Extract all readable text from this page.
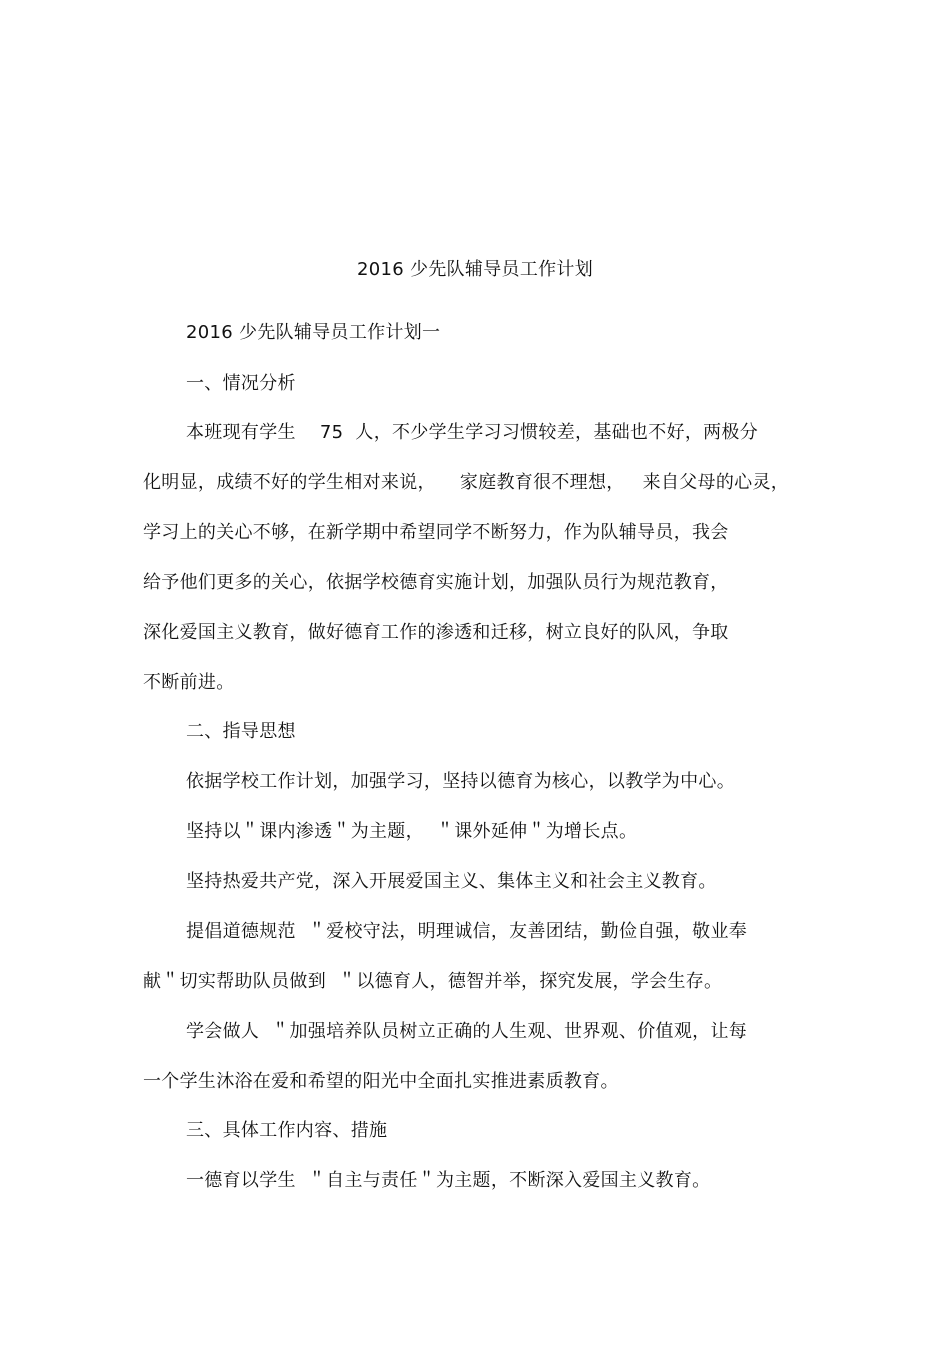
2016 少先队辅导员工作计划
2016 少先队辅导员工作计划一
一、情况分析
本班现有学生    75  人，不少学生学习习惯较差，基础也不好，两极分
化明显，成绩不好的学生相对来说，    家庭教育很不理想，   来自父母的心灵，
学习上的关心不够，在新学期中希望同学不断努力，作为队辅导员，我会
给予他们更多的关心，依据学校德育实施计划，加强队员行为规范教育，
深化爱国主义教育，做好德育工作的渗透和迁移，树立良好的队风，争取
不断前进。
二、指导思想
依据学校工作计划，加强学习，坚持以德育为核心，以教学为中心。
坚持以＂课内渗透＂为主题，  ＂课外延伸＂为增长点。
坚持热爱共产党，深入开展爱国主义、集体主义和社会主义教育。
提倡道德规范  ＂爱校守法，明理诚信，友善团结，勤俭自强，敬业奉
献＂切实帮助队员做到  ＂以德育人，德智并举，探究发展，学会生存。
学会做人  ＂加强培养队员树立正确的人生观、世界观、价值观，让每
一个学生沐浴在爱和希望的阳光中全面扎实推进素质教育。
三、具体工作内容、措施
一德育以学生  ＂自主与责任＂为主题，不断深入爱国主义教育。
